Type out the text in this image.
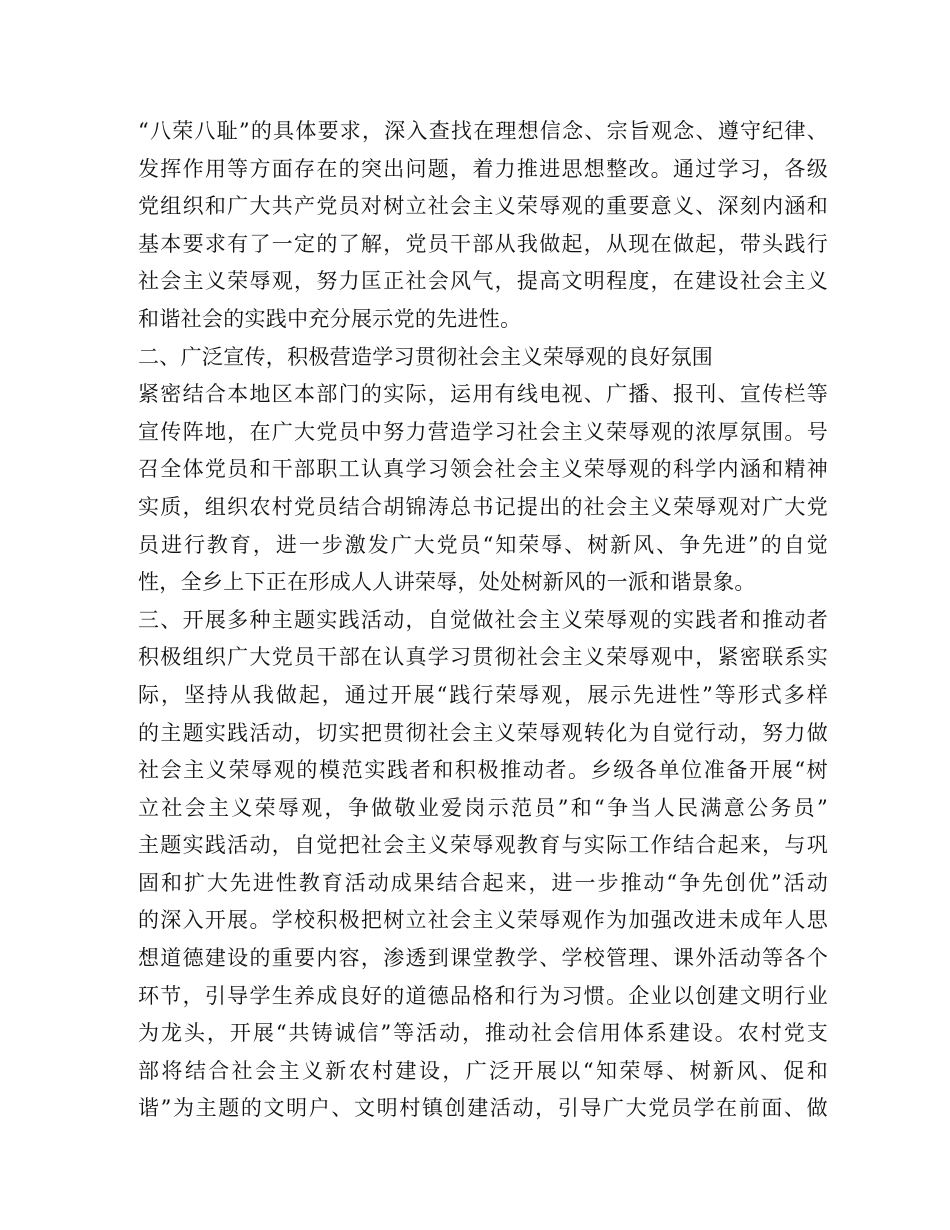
“八荣八耻”的具体要求，深入查找在理想信念、宗旨观念、遵守纪律、
发挥作用等方面存在的突出问题，着力推进思想整改。通过学习，各级
党组织和广大共产党员对树立社会主义荣辱观的重要意义、深刻内涵和
基本要求有了一定的了解，党员干部从我做起，从现在做起，带头践行
社会主义荣辱观，努力匡正社会风气，提高文明程度，在建设社会主义
和谐社会的实践中充分展示党的先进性。
二、广泛宣传，积极营造学习贯彻社会主义荣辱观的良好氛围
紧密结合本地区本部门的实际，运用有线电视、广播、报刊、宣传栏等
宣传阵地，在广大党员中努力营造学习社会主义荣辱观的浓厚氛围。号
召全体党员和干部职工认真学习领会社会主义荣辱观的科学内涵和精神
实质，组织农村党员结合胡锦涛总书记提出的社会主义荣辱观对广大党
员进行教育，进一步激发广大党员“知荣辱、树新风、争先进”的自觉
性，全乡上下正在形成人人讲荣辱，处处树新风的一派和谐景象。
三、开展多种主题实践活动，自觉做社会主义荣辱观的实践者和推动者
积极组织广大党员干部在认真学习贯彻社会主义荣辱观中，紧密联系实
际，坚持从我做起，通过开展“践行荣辱观，展示先进性”等形式多样
的主题实践活动，切实把贯彻社会主义荣辱观转化为自觉行动，努力做
社会主义荣辱观的模范实践者和积极推动者。乡级各单位准备开展“树
立社会主义荣辱观，争做敬业爱岗示范员”和“争当人民满意公务员”
主题实践活动，自觉把社会主义荣辱观教育与实际工作结合起来，与巩
固和扩大先进性教育活动成果结合起来，进一步推动“争先创优”活动
的深入开展。学校积极把树立社会主义荣辱观作为加强改进未成年人思
想道德建设的重要内容，渗透到课堂教学、学校管理、课外活动等各个
环节，引导学生养成良好的道德品格和行为习惯。企业以创建文明行业
为龙头，开展“共铸诚信”等活动，推动社会信用体系建设。农村党支
部将结合社会主义新农村建设，广泛开展以“知荣辱、树新风、促和
谐”为主题的文明户、文明村镇创建活动，引导广大党员学在前面、做
